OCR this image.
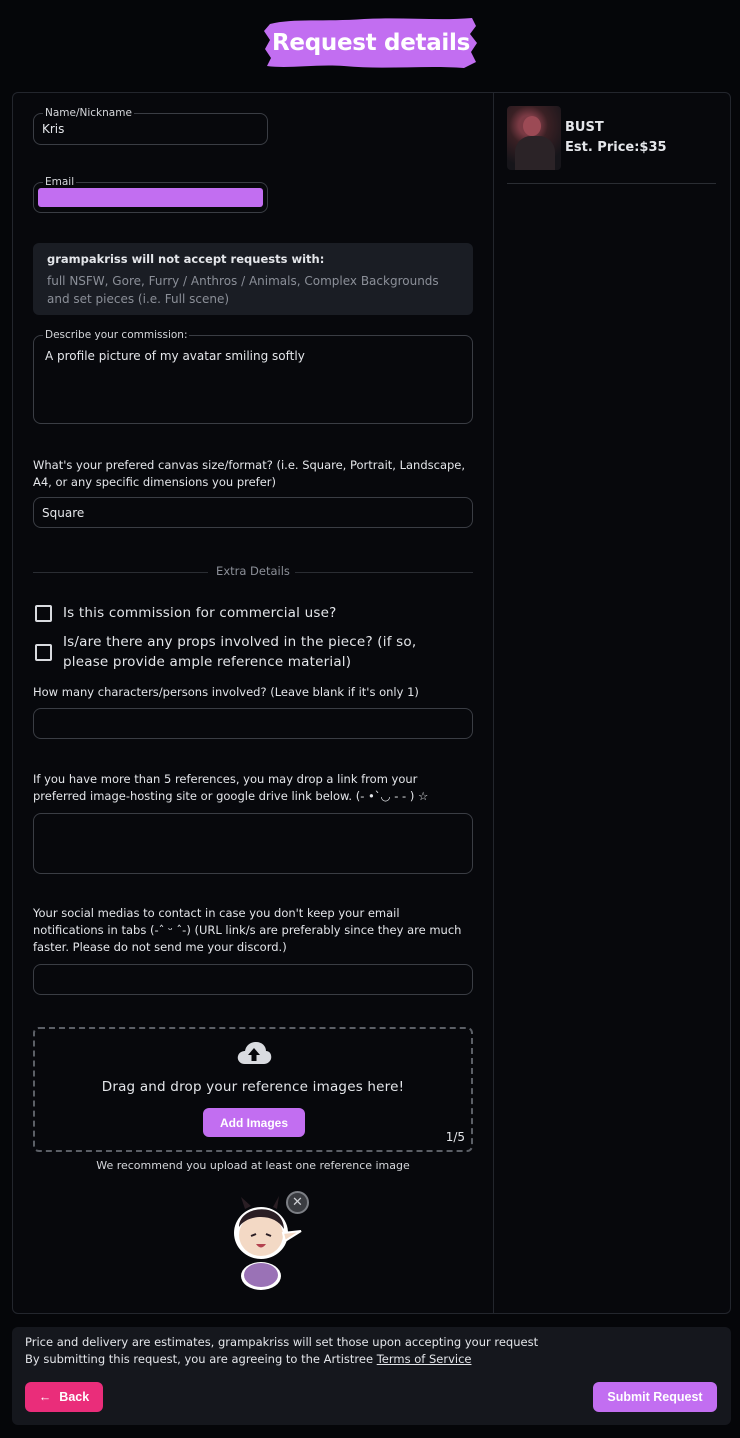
Request details
Name/Nickname
Kris
Email
grampakriss will not accept requests with:
full NSFW, Gore, Furry / Anthros / Animals, Complex Backgrounds and set pieces (i.e. Full scene)
Describe your commission:
A profile picture of my avatar smiling softly
What's your prefered canvas size/format? (i.e. Square, Portrait, Landscape, A4, or any specific dimensions you prefer)
Square
Extra Details
Is this commission for commercial use?
Is/are there any props involved in the piece? (if so, please provide ample reference material)
How many characters/persons involved? (Leave blank if it's only 1)
If you have more than 5 references, you may drop a link from your preferred image-hosting site or google drive link below. (- •`◡ - - ) ☆
Your social medias to contact in case you don't keep your email notifications in tabs (-ˆ ᵕ ˆ-) (URL link/s are preferably since they are much faster. Please do not send me your discord.)
Drag and drop your reference images here!
Add Images
1/5
We recommend you upload at least one reference image
✕
BUST
Est. Price:$35
Price and delivery are estimates, grampakriss will set those upon accepting your request
By submitting this request, you are agreeing to the Artistree Terms of Service
← Back	Submit Request
